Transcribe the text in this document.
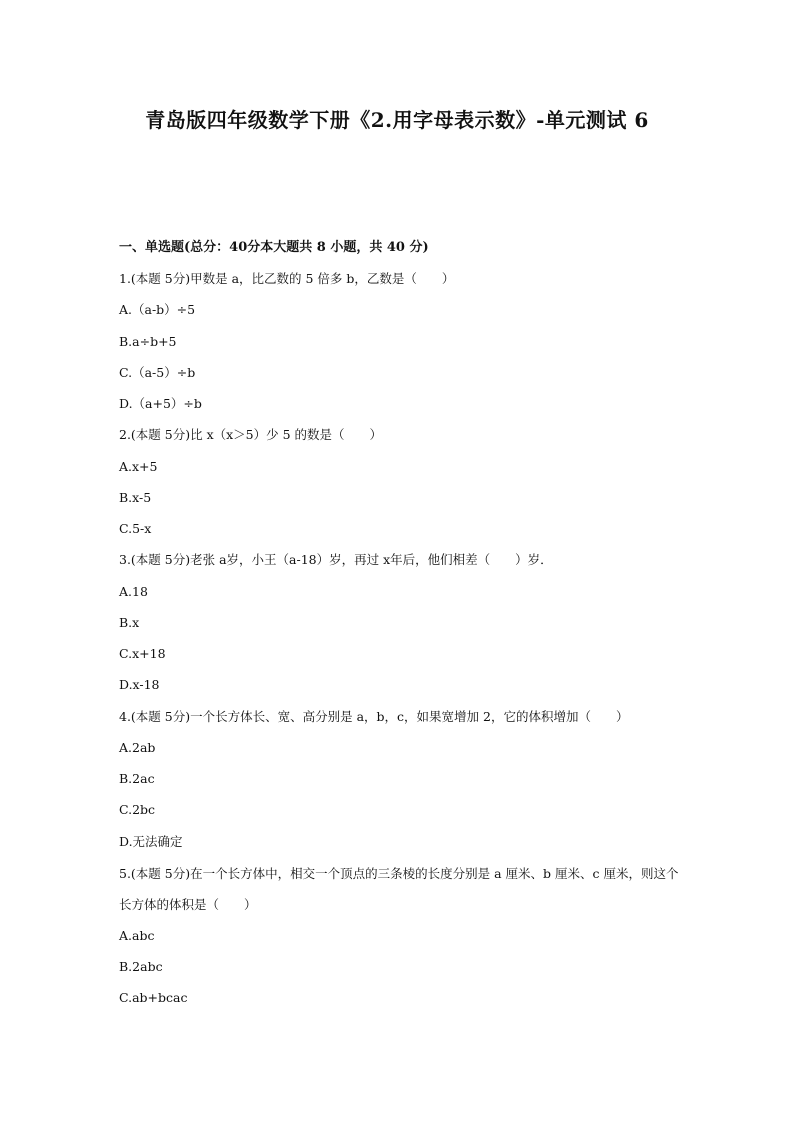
青岛版四年级数学下册《2.用字母表示数》-单元测试 6
一、单选题(总分：40分本大题共 8 小题，共 40 分)
1.(本题 5分)甲数是 a，比乙数的 5 倍多 b，乙数是（　　）
A.（a-b）÷5
B.a÷b+5
C.（a-5）÷b
D.（a+5）÷b
2.(本题 5分)比 x（x＞5）少 5 的数是（　　）
A.x+5
B.x-5
C.5-x
3.(本题 5分)老张 a岁，小王（a-18）岁，再过 x年后，他们相差（　　）岁．
A.18
B.x
C.x+18
D.x-18
4.(本题 5分)一个长方体长、宽、高分别是 a，b，c，如果宽增加 2，它的体积增加（　　）
A.2ab
B.2ac
C.2bc
D.无法确定
5.(本题 5分)在一个长方体中，相交一个顶点的三条棱的长度分别是 a 厘米、b 厘米、c 厘米，则这个长方体的体积是（　　）
A.abc
B.2abc
C.ab+bcac
